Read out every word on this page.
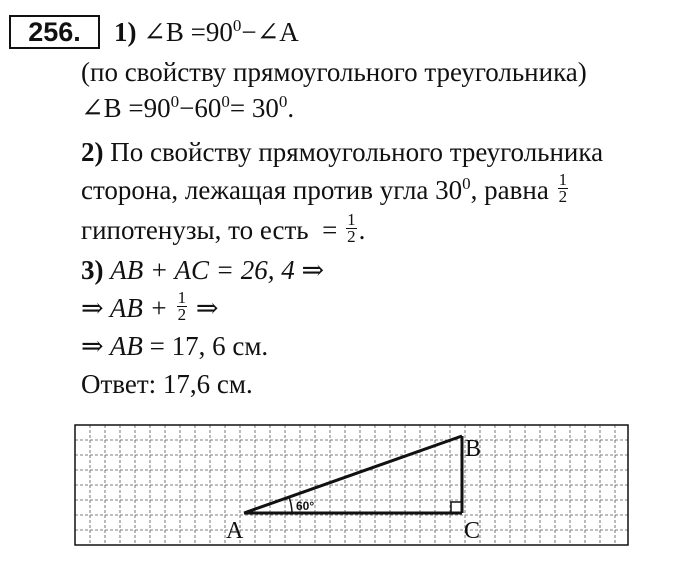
256.	1) ∠B $=90^0-\angle A$
(по свойству прямоугольного треугольника)
∠B $=90^0-60^0= 30^0$.
2) По свойству прямоугольного треугольника
сторона, лежащая против угла $30^0$, равна $\frac{1}{2}$
гипотенузы, то есть = $\frac{1}{2}$ .
3) AB + AC = 26, 4 ⇒
⇒ AB + $\frac{1}{2}$ ⇒
⇒ AB = 17, 6 см.
Ответ: 17,6 см.
60°
A
B
C
